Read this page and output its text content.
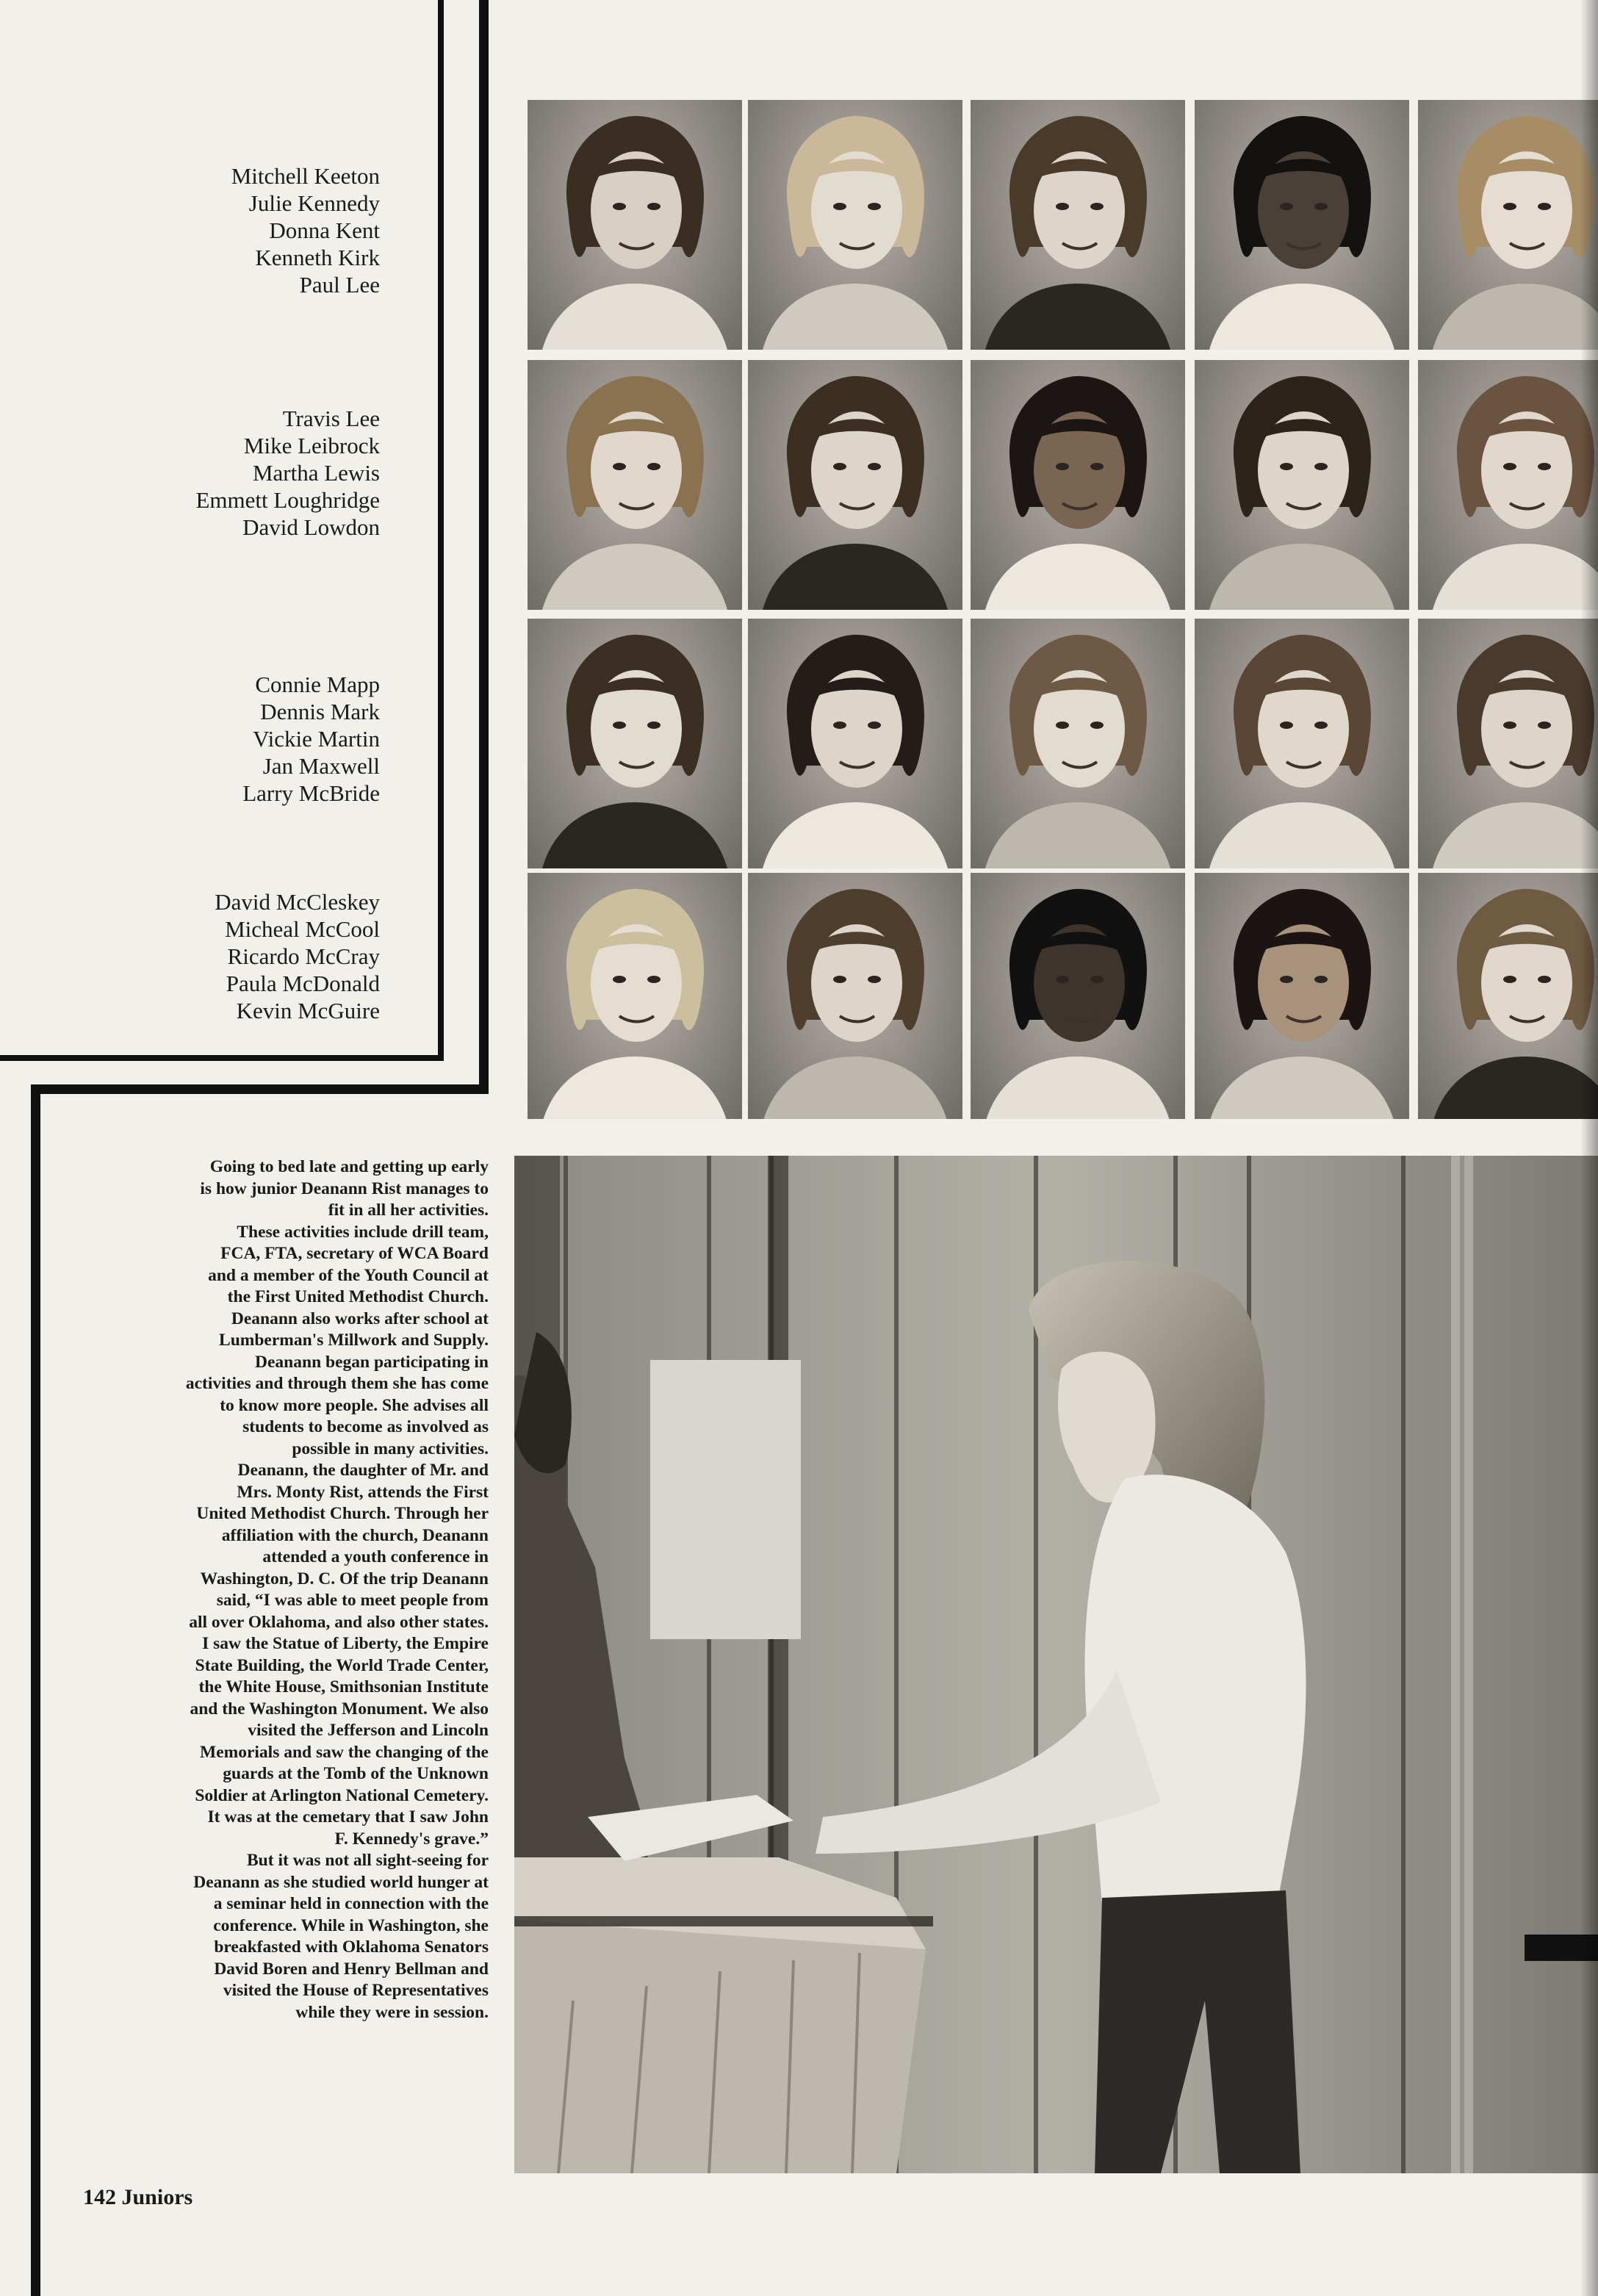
Mitchell Keeton
Julie Kennedy
Donna Kent
Kenneth Kirk
Paul Lee
Travis Lee
Mike Leibrock
Martha Lewis
Emmett Loughridge
David Lowdon
Connie Mapp
Dennis Mark
Vickie Martin
Jan Maxwell
Larry McBride
David McCleskey
Micheal McCool
Ricardo McCray
Paula McDonald
Kevin McGuire

Going to bed late and getting up early
is how junior Deanann Rist manages to
fit in all her activities.
These activities include drill team,
FCA, FTA, secretary of WCA Board
and a member of the Youth Council at
the First United Methodist Church.
Deanann also works after school at
Lumberman's Millwork and Supply.
Deanann began participating in
activities and through them she has come
to know more people. She advises all
students to become as involved as
possible in many activities.
Deanann, the daughter of Mr. and
Mrs. Monty Rist, attends the First
United Methodist Church. Through her
affiliation with the church, Deanann
attended a youth conference in
Washington, D. C. Of the trip Deanann
said, “I was able to meet people from
all over Oklahoma, and also other states.
I saw the Statue of Liberty, the Empire
State Building, the World Trade Center,
the White House, Smithsonian Institute
and the Washington Monument. We also
visited the Jefferson and Lincoln
Memorials and saw the changing of the
guards at the Tomb of the Unknown
Soldier at Arlington National Cemetery.
It was at the cemetary that I saw John
F. Kennedy's grave.”
But it was not all sight-seeing for
Deanann as she studied world hunger at
a seminar held in connection with the
conference. While in Washington, she
breakfasted with Oklahoma Senators
David Boren and Henry Bellman and
visited the House of Representatives
while they were in session.

142 Juniors
